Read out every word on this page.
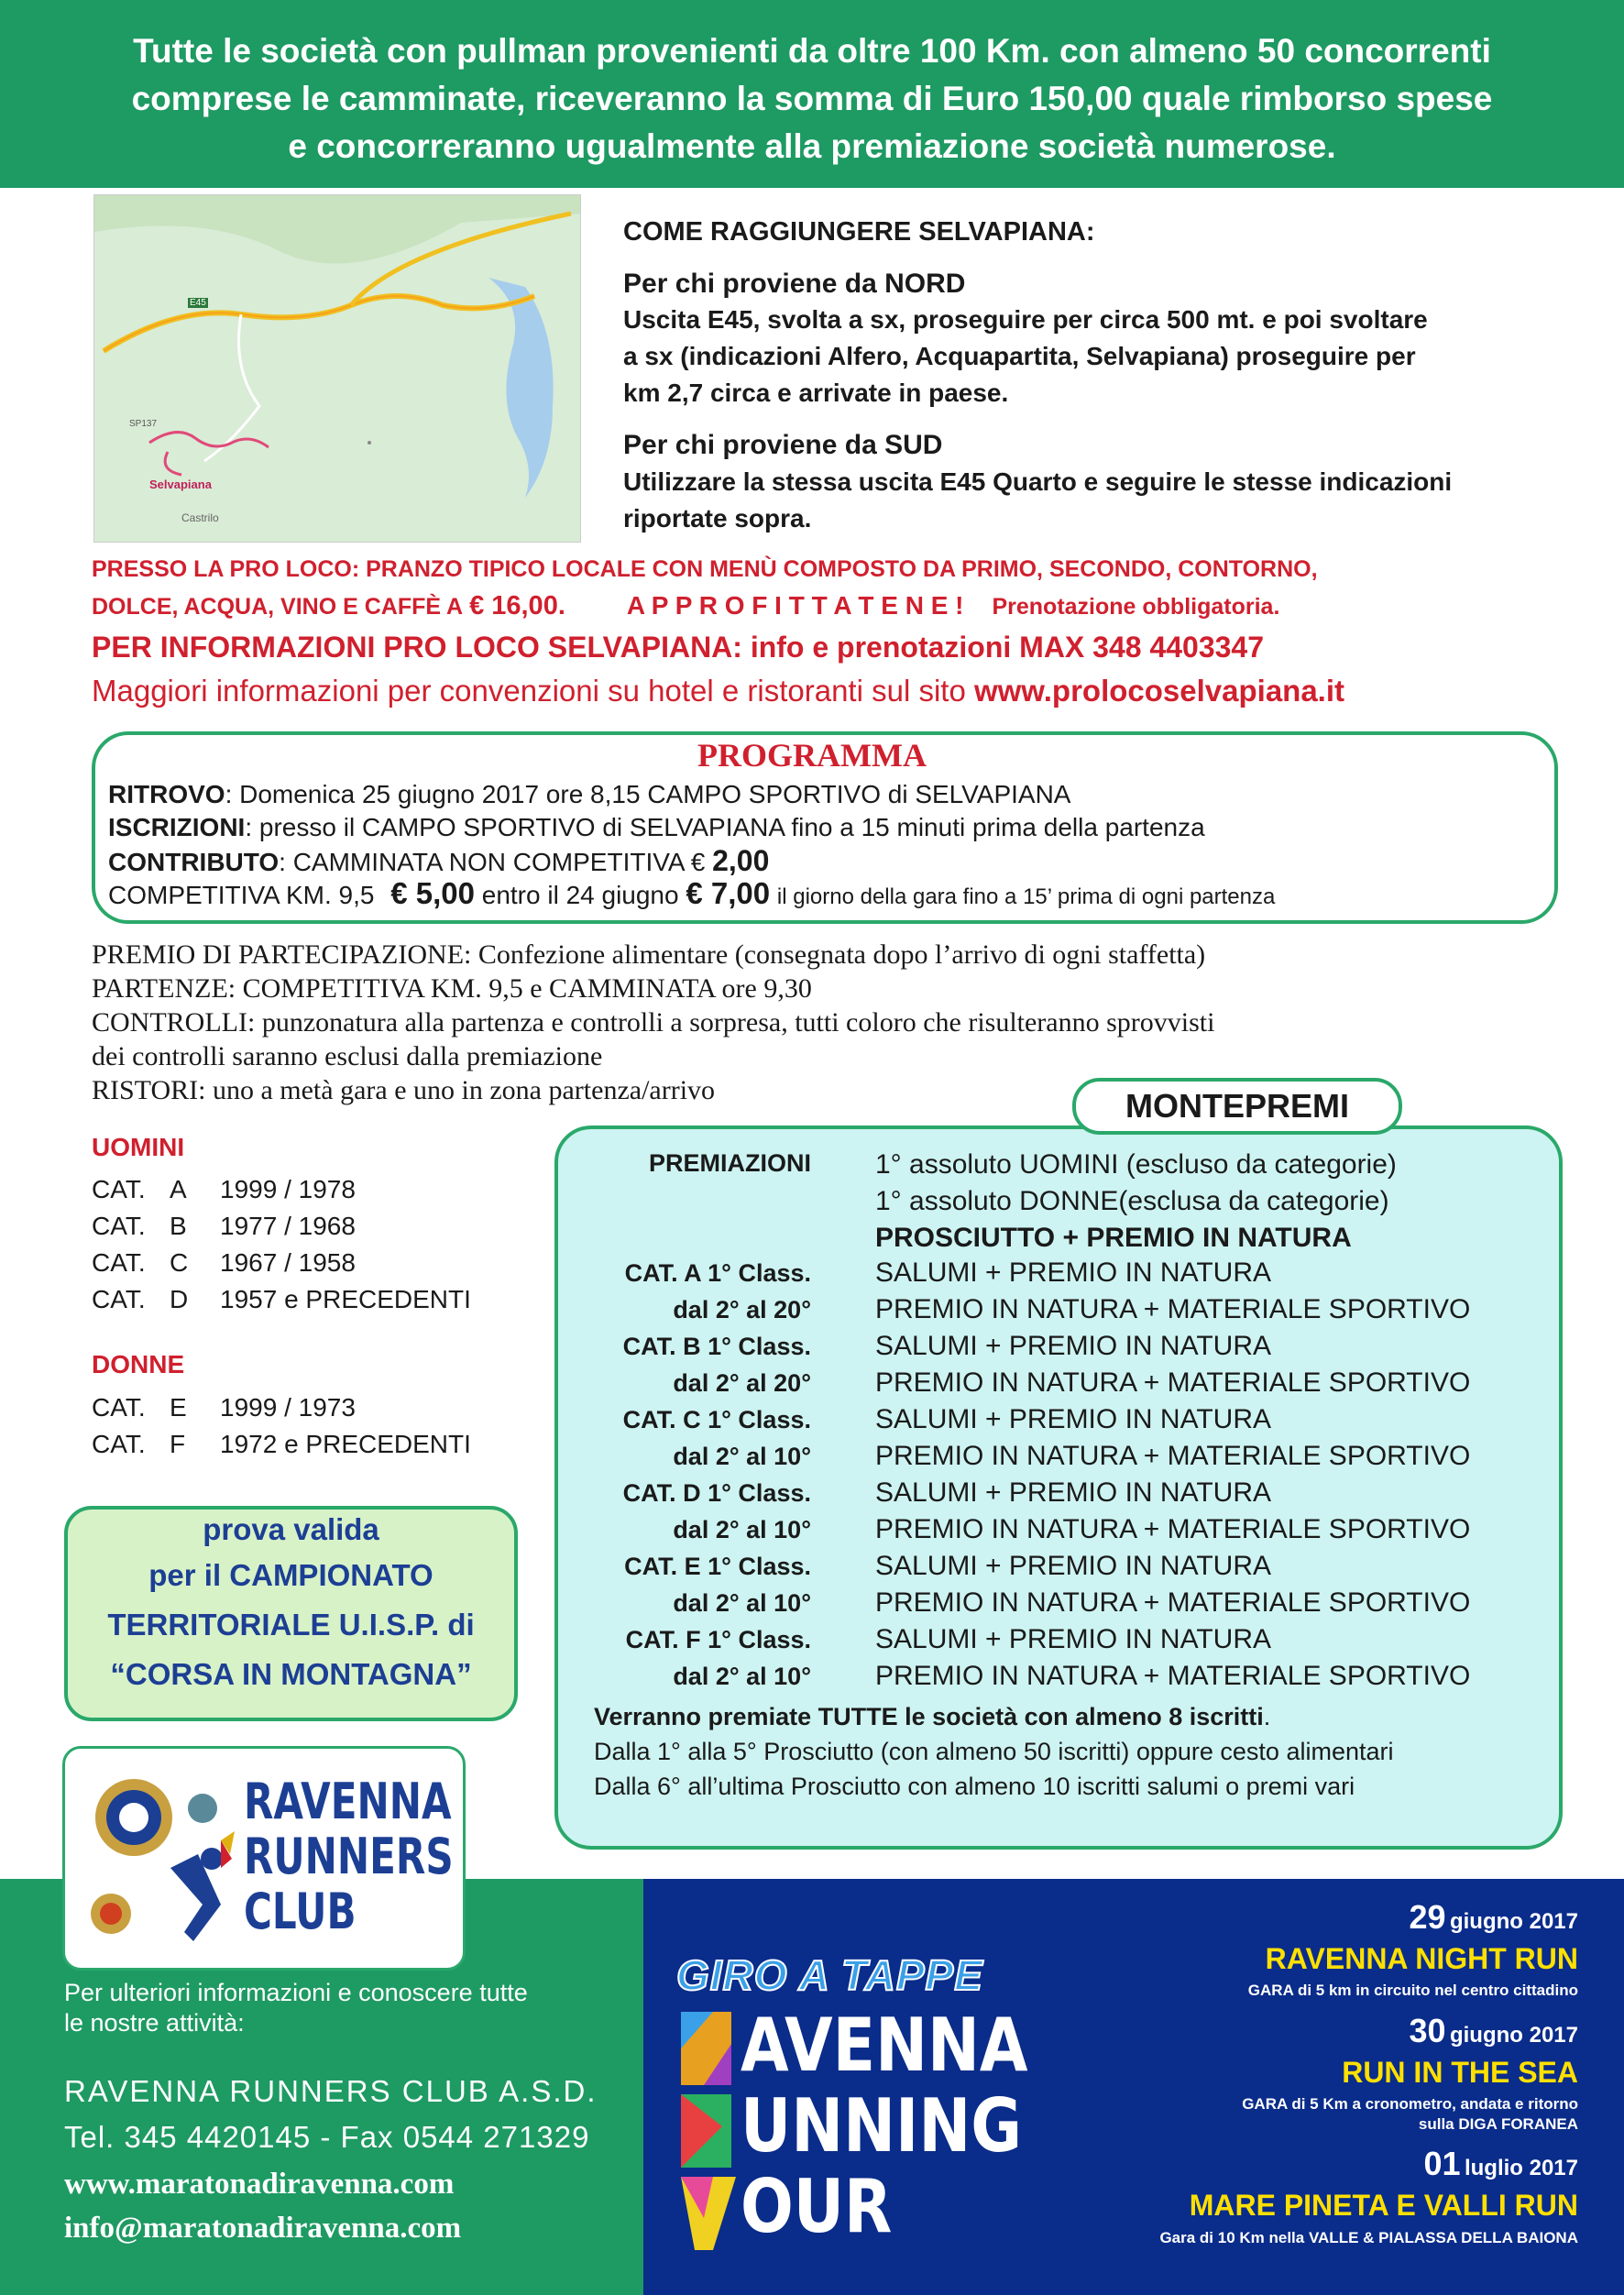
Tutte le società con pullman provenienti da oltre 100 Km. con almeno 50 concorrenti
comprese le camminate, riceveranno la somma di Euro 150,00 quale rimborso spese
e concorreranno ugualmente alla premiazione società numerose.
Selvapiana
Castrilo
E45
SP137
COME RAGGIUNGERE SELVAPIANA:
Per chi proviene da NORD
Uscita E45, svolta a sx, proseguire per circa 500 mt. e poi svoltare
a sx (indicazioni Alfero, Acquapartita, Selvapiana) proseguire per
km 2,7 circa e arrivate in paese.
Per chi proviene da SUD
Utilizzare la stessa uscita E45 Quarto e seguire le stesse indicazioni
riportate sopra.
PRESSO LA PRO LOCO: PRANZO TIPICO LOCALE CON MENÙ COMPOSTO DA PRIMO, SECONDO, CONTORNO,
DOLCE, ACQUA, VINO E CAFFÈ A € 16,00. A P P R O F I T T A T E N E ! Prenotazione obbligatoria.
PER INFORMAZIONI PRO LOCO SELVAPIANA: info e prenotazioni MAX 348 4403347
Maggiori informazioni per convenzioni su hotel e ristoranti sul sito www.prolocoselvapiana.it
PROGRAMMA
RITROVO: Domenica 25 giugno 2017 ore 8,15 CAMPO SPORTIVO di SELVAPIANA
ISCRIZIONI: presso il CAMPO SPORTIVO di SELVAPIANA fino a 15 minuti prima della partenza
CONTRIBUTO: CAMMINATA NON COMPETITIVA € 2,00
COMPETITIVA KM. 9,5 € 5,00 entro il 24 giugno € 7,00 il giorno della gara fino a 15’ prima di ogni partenza
PREMIO DI PARTECIPAZIONE: Confezione alimentare (consegnata dopo l’arrivo di ogni staffetta)
PARTENZE: COMPETITIVA KM. 9,5 e CAMMINATA ore 9,30
CONTROLLI: punzonatura alla partenza e controlli a sorpresa, tutti coloro che risulteranno sprovvisti
dei controlli saranno esclusi dalla premiazione
RISTORI: uno a metà gara e uno in zona partenza/arrivo
UOMINI
CAT. A 1999 / 1978
CAT. B 1977 / 1968
CAT. C 1967 / 1958
CAT. D 1957 e PRECEDENTI
DONNE
CAT. E 1999 / 1973
CAT. F 1972 e PRECEDENTI
prova valida
per il CAMPIONATO
TERRITORIALE U.I.S.P. di
“CORSA IN MONTAGNA”
MONTEPREMI
PREMIAZIONI 1° assoluto UOMINI (escluso da categorie)
1° assoluto DONNE(esclusa da categorie)
PROSCIUTTO + PREMIO IN NATURA
CAT. A 1° Class. SALUMI + PREMIO IN NATURA
dal 2° al 20° PREMIO IN NATURA + MATERIALE SPORTIVO
CAT. B 1° Class. SALUMI + PREMIO IN NATURA
dal 2° al 20° PREMIO IN NATURA + MATERIALE SPORTIVO
CAT. C 1° Class. SALUMI + PREMIO IN NATURA
dal 2° al 10° PREMIO IN NATURA + MATERIALE SPORTIVO
CAT. D 1° Class. SALUMI + PREMIO IN NATURA
dal 2° al 10° PREMIO IN NATURA + MATERIALE SPORTIVO
CAT. E 1° Class. SALUMI + PREMIO IN NATURA
dal 2° al 10° PREMIO IN NATURA + MATERIALE SPORTIVO
CAT. F 1° Class. SALUMI + PREMIO IN NATURA
dal 2° al 10° PREMIO IN NATURA + MATERIALE SPORTIVO
Verranno premiate TUTTE le società con almeno 8 iscritti.
Dalla 1° alla 5° Prosciutto (con almeno 50 iscritti) oppure cesto alimentari
Dalla 6° all’ultima Prosciutto con almeno 10 iscritti salumi o premi vari
RAVENNA
RUNNERS
CLUB
Per ulteriori informazioni e conoscere tutte
le nostre attività:
RAVENNA RUNNERS CLUB A.S.D.
Tel. 345 4420145 - Fax 0544 271329
www.maratonadiravenna.com
info@maratonadiravenna.com
GIRO A TAPPE
AVENNA
UNNING
OUR
29 giugno 2017
RAVENNA NIGHT RUN
GARA di 5 km in circuito nel centro cittadino
30 giugno 2017
RUN IN THE SEA
GARA di 5 Km a cronometro, andata e ritorno
sulla DIGA FORANEA
01 luglio 2017
MARE PINETA E VALLI RUN
Gara di 10 Km nella VALLE & PIALASSA DELLA BAIONA
